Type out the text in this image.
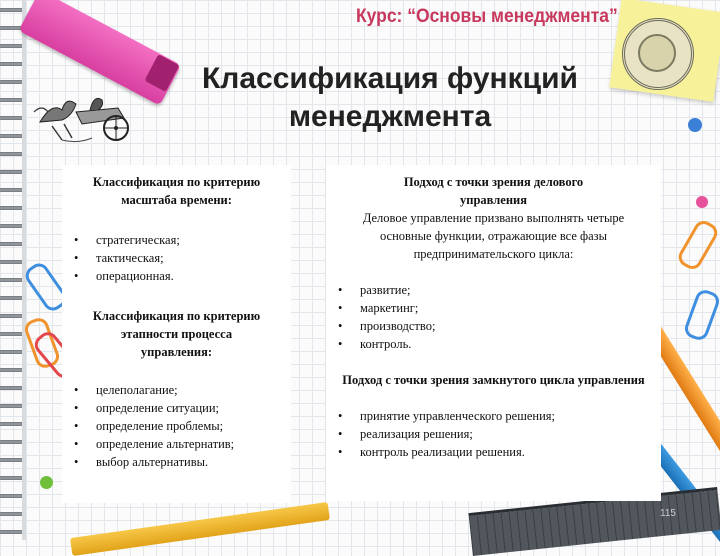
Курс: “Основы менеджмента”
Классификация функций
менеджмента

Классификация по критерию масштаба времени:

• стратегическая;
• тактическая;
• операционная.

Классификация по критерию этапности процесса управления:

• целеполагание;
• определение ситуации;
• определение проблемы;
• определение альтернатив;
• выбор альтернативы.

Подход с точки зрения делового управления

Деловое управление призвано выполнять четыре основные функции, отражающие все фазы предпринимательского цикла:

• развитие;
• маркетинг;
• производство;
• контроль.

Подход с точки зрения замкнутого цикла управления

• принятие управленческого решения;
• реализация решения;
• контроль реализации решения.
115
